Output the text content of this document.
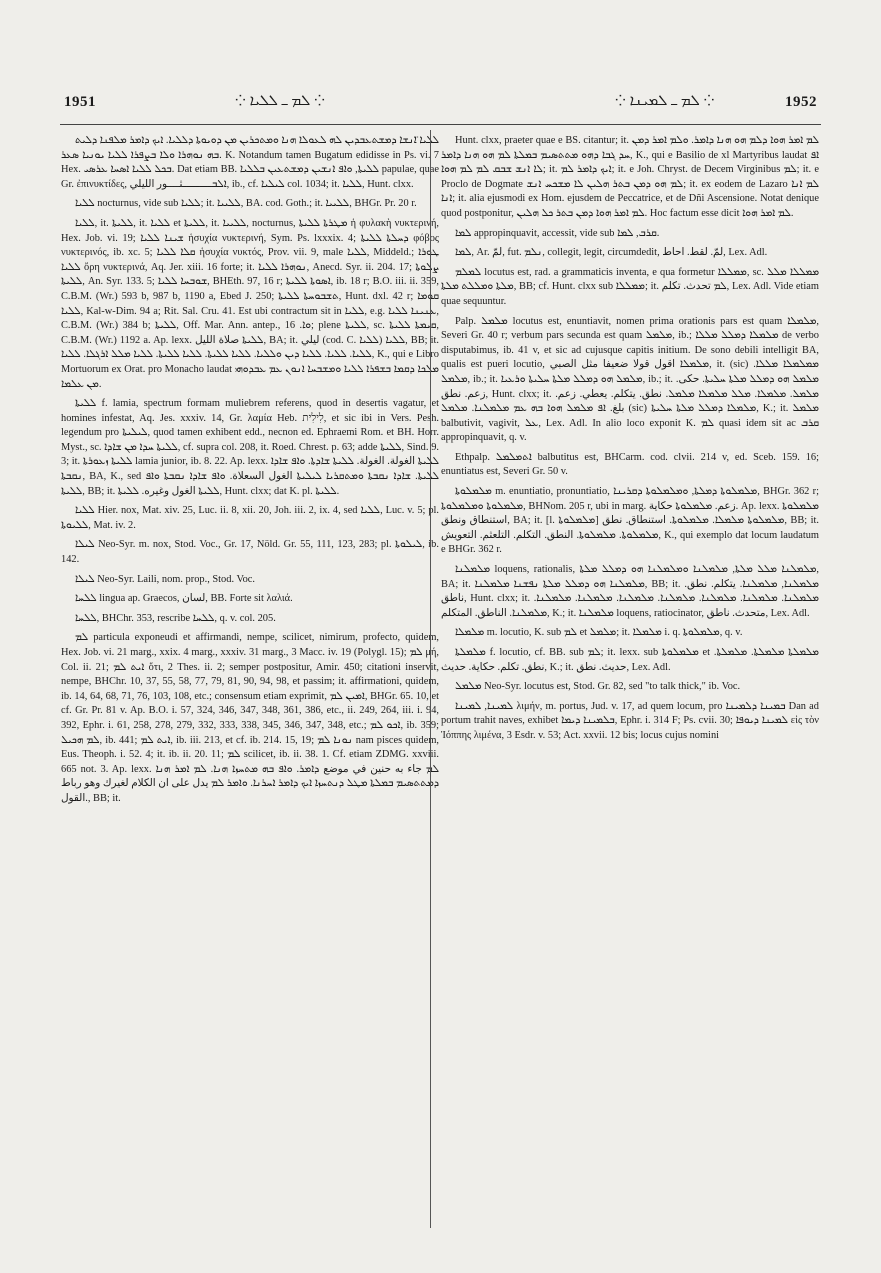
1951	⁘ ܠܡ ـ ܠܠܝܐ ⁘	⁘ ܠܡ ـ ܠܡܝܢܐ ⁘	1952

ܠܠܝܐ ̈ܐܢܫܐ ܕܡܫܬܥܒܕܝܢ ܠܗ ܠܥܘܠܐ ܗܢܐ ܘܡܬܟܪܝܢ ܡܢ ܕܘܝܘܬܐ ܕܠܠܝܐ. ܐܝܟ ܕܐܡܪ ܡܠܦܢܐ ܕܠܝܬ ܒܗ ܢܘܗܪܐ ܘܠܐ ܒܨܦܪܐ ܠܠܝܐ ܝܘܢܝܐ ܣܥܪ. K. Notandum tamen Bugatum edidisse in Ps. vi. 7 Hex. ܒܟܠ ܠܠܝܐ ܐܣܚܐ ܥܪܣܝ. Dat etiam BB. ܠܠܝܬܐ, ܘܐܦ ܐܢܫܝܢ ܕܡܫܬܥܝܢ ܒܠܠܝܐ papulae, quae Gr. ἐπινυκτίδες, ܐܠܒـــــــثــــور الليلي, ib., cf. ܠܝܠܝܐ col. 1034; it. ܠܠܝܐ, Hunt. clxx.

ܠܠܝܐ nocturnus, vide sub ܠܠܝܐ; it. ܠܠܝܝܐ, BA. cod. Goth.; it. ܠܠܝܝܐ, BHGr. Pr. 20 r.

ܠܠܝܐ, it. ܠܠܝܬܐ, it. ܠܠܝܐ et ܠܠܝܬܐ, it. ܠܠܝܝܐ, nocturnus, ܡܛܪܬܐ ܠܠܝܬܐ ἡ φυλακὴ νυκτερινή, Hex. Job. vi. 19; ܫܝܢܐ ܠܠܝܐ ἡσυχία νυκτερινή, Sym. Ps. lxxxix. 4; ܕܚܠܬܐ ܠܠܝܬܐ φόβος νυκτερινός, ib. xc. 5; ܩܠܐ ܠܠܝܐ ἡσυχία νυκτός, Prov. vii. 9, male ܠܠܝܐ, Middeld.; ܛܘܪܐ ܠܠܝܐ ὄρη νυκτερινά, Aq. Jer. xiii. 16 forte; it. ܢܘܗܪܐ ܠܠܝܐ, Anecd. Syr. ii. 204. 17; ܨܠܘܬܐ ܠܠܝܬܐ, An. Syr. 133. 5; ܫܘܒܚܐ ܠܠܝܐ, BHEth. 97, 16 r; ܐܣܘܬܐ ܠܠܝܬܐ, ib. 18 r; B.O. iii. ii. 359, C.B.M. (Wr.) 593 b, 987 b, 1190 a, Ebed J. 250; ܬܫܒܘܚܬܐ ܠܠܝܬܐ, Hunt. dxl. 42 r; ܩܘܡܐ ܠܠܝܐ, Kal-w-Dim. 94 a; Rit. Sal. Cru. 41. Est ubi contractum sit in ܠܠܝܐ, e.g. ܥܢܝܢܐ ܠܠܝܐ, C.B.M. (Wr.) 384 b; ܠܠܝܬܐ, Off. Mar. Ann. antep., ܘܐ. 16; plene ܠܠܝܬܐ, sc. ܩܝܡܬܐ ܠܠܝܬܐ, C.B.M. (Wr.) 1192 a. Ap. lexx. ܠܠܝܬܐ صلاة الليل, BA; it. ليلي (cod. C. ܠܠܝܐ) ܠܠܝܐ, BB; it. ܠܠܝܐ. ܠܠܝܐ. ܠܠܝܐ ܕܝܢ ܘܠܠܝܐ. ܠܠܝܐ ܠܠܝܬܐ. ܠܠܝܐ ܠܠܝܬܐ. ܠܠܝܐ ܡܠܠ ܐܪܓܠܐ. ܠܠܝܐ, K., qui e Libro Mortuorum ex Orat. pro Monacho laudat ܡܠܟܐ ܕܩܡܐ ܒܫܦܪܐ ܠܠܝܐ ܘܡܫܒܚܐ ܐܢܘܢ ܥܡ ܥܒܕܘܗܝ ܡܢ ܥܠܡܐ.

ܠܠܝܬܐ f. lamia, spectrum formam muliebrem referens, quod in desertis vagatur, et homines infestat, Aq. Jes. xxxiv. 14, Gr. λαμία Heb. לִילִית, et sic ibi in Vers. Pesh. legendum pro ܠܝܠܝܬܐ, quod tamen exhibent edd., necnon ed. Ephraemi Rom. et BH. Horr. Myst., sc. ܠܠܝܬܐ ܚܕܐ ܡܢ ܫܐܕܐ, cf. supra col. 208, it. Roed. Chrest. p. 63; adde ܠܠܝܬܐ, Sind. 9. 3; it. ܠܠܝܬܐ ܙܥܘܪܬܐ lamia junior, ib. 8. 22. Ap. lexx. ܠܠܝܬܐ الغولة. الغولة. ܠܠܝܬܐ ܫܐܕܬܐ. ܘܐܦ ܫܐܕܐ ܢܩܒܬܐ, BA, K., sed ܠܠܝܬܐ. ܫܐܕܐ ܢܩܒܬܐ ܘܡܬܩܪܝܐ ܠܝܠܝܬܐ الغول السعلاة. ܘܐܦ ܫܐܕܐ ܢܩܒܬܐ ܘܐܦ ܠܠܝܬܐ, BB; it. ܠܠܝܬܐ الغول وغيره. ܠܠܝܬܐ, Hunt. clxx; dat K. pl. ܠܠܝܬܐ.

ܠܠܝܐ Hier. nox, Mat. xiv. 25, Luc. ii. 8, xii. 20, Joh. iii. 2, ix. 4, sed ܠܠܝܐ, Luc. v. 5; pl. ܠܠܝܘܬܐ, Mat. iv. 2.

ܠܝܠܐ Neo-Syr. m. nox, Stod. Voc., Gr. 17, Nöld. Gr. 55, 111, 123, 283; pl. ܠܝܠܘܬܐ, ib. 142.

ܠܝܠܐ Neo-Syr. Laili, nom. prop., Stod. Voc.

ܠܠܚܐ lingua ap. Graecos, لسان, BB. Forte sit λαλιά.

ܠܠܚܐ, BHChr. 353, rescribe ܠܠܚܐ, q. v. col. 205.

ܠܡ particula exponeudi et affirmandi, nempe, scilicet, nimirum, profecto, quidem, Hex. Job. vi. 21 marg., xxix. 4 marg., xxxiv. 31 marg., 3 Macc. iv. 19 (Polygl. 15); ܠܡ μή, Col. ii. 21; ܐܝܬ ܠܡ ὅτι, 2 Thes. ii. 2; semper postpositur, Amir. 450; citationi inservit, nempe, BHChr. 10, 37, 55, 58, 77, 79, 81, 90, 94, 98, et passim; it. affirmationi, quidem, ib. 14, 64, 68, 71, 76, 103, 108, etc.; consensum etiam exprimit, ܐܡܝܢ ܠܡ, BHGr. 65. 10, et cf. Gr. Pr. 81 v. Ap. B.O. i. 57, 324, 346, 347, 348, 361, 386, etc., ii. 249, 264, iii. i. 94, 392, Ephr. i. 61, 258, 278, 279, 332, 333, 338, 345, 346, 347, 348, etc.; ܐܟܘ ܠܡ, ib. 359; ܠܡ ܗܟܝܠ, ib. 441; ܐܝܬ ܠܡ, ib. iii. 213, et cf. ib. 214. 15, 19; ܢܘܢܐ ܠܡ nam pisces quidem, Eus. Theoph. i. 52. 4; it. ib. ii. 20. 11; ܠܡ scilicet, ib. ii. 38. 1. Cf. etiam ZDMG. xxviii. 665 not. 3. Ap. lexx. ܠܡ جاء به حنين في موضع ܕܐܡܪ. ܘܐܦ ܒܗ ܡܬܚܙܐ ܗܢܐ. ܠܡ ܐܡܪ ܗܢܐ ܕܡܬܬܣܝܡ ܒܡܠܬܐ ܡܛܠ ܕܢܬܚܙܐ ܐܝܟ ܕܐܡܪ ܐܚܪܢܐ. ܘܐܡܪ ܠܡ يدل على ان الكلام لغيرك وهو رباط القول., BB; it.

Hunt. clxx, praeter quae e BS. citantur; it. ܠܡ ܐܡܪ ܗܘܐ ܕܠܡ ܗܘ ܗܢܐ ܕܐܡܪ. ܘܠܡ ܐܡܪ ܕܡܢ ܚܕ ܓܒܐ ܕܗܘ ܡܬܬܣܝܡ ܒܡܠܬܐ ܠܡ ܗܘ ܗܢܐ ܕܐܡܪ, K., qui e Basilio de xl Martyribus laudat ܐܦ ܠܐ ܐܢܫ ܫܒܩ ܠܡ ܠܡ ܗܘܐ; it. ܐܝܟ ܕܐܡܪ ܠܡ; it. e Joh. Chryst. de Decem Virginibus ܠܡ; it. e Proclo de Dogmate ܠܡ ܗܘ ܕܡܢ ܒܬܪ ܗܠܝܢ ܠܐ ܡܫܟܚ ܐܢܫ; it. ex eodem de Lazaro ܠܡ ܐܢܐ ܐܢܐ; it. alia ejusmodi ex Hom. ejusdem de Peccatrice, et de Dñi Ascensione. Notat denique quod postponitur, ܠܡ ܐܡܪ ܗܘܐ ܕܡܢ ܒܬܪ ܟܠ ܗܠܝܢ. Hoc factum esse dicit ܠܡ ܐܡܪ ܗܘܐ.

ܠܡܐ appropinquavit, accessit, vide sub ܩܪܒ, ܠܡܐ.

ܠܡܐ, Ar. لمّ, fut. ܢܠܡ, collegit, legit, circumdedit, لمّ. لقط. احاط, Lex. Adl.

ܠܡܠܡ locutus est, rad. a grammaticis inventa, e qua formetur ܡܡܠܠܐ, sc. ܡܡܠܠܐ ܡܠܠ ܡܠܬܐ ܘܡܠܠܬ ܡܠܬܐ, BB; cf. Hunt. clxx sub ܡܡܠܠܐ; it. ܠܡ تحدث. تكلم, Lex. Adl. Vide etiam quae sequuntur.

Palp. ܡܠܡܠ locutus est, enuntiavit, nomen prima orationis pars est quam ܡܠܡܠܐ, Severi Gr. 40 r; verbum pars secunda est quam ܡܠܡܠ, ib.; ܡܠܡܠܐ ܕܡܠܠ ܡܠܠܐ de verbo disputabimus, ib. 41 v, et sic ad cujusque capitis initium. De sono debili intelligit BA, qualis est pueri locutio, ܡܠܡܠܐ اقول قولا ضعيفا مثل الصبي, it. (sic) ܡܡܠܡܠܐ ܡܠܠܐ. ܡܠܡܠ, ib.; it. ܡܠܡܠ ܗܘ ܕܡܠܠ ܡܠܬܐ ܚܠܝܬܐ ܘܪܥܝܐ, ib.; it. ܡܠܡܠ ܗܘ ܕܡܠܠ ܡܠܬܐ ܚܠܝܬܐ. حكى. زعم. نطق, Hunt. clxx; it. ܡܠܡܠ. ܡܠܡܠܐ. ܡܠܠ ܡܠܡܠܐ ܡܠܡܠ. نطق. يتكلم. يعطي. زعم. بلغ. ܐܦ ܡܠܡܠ ܗܘܐ ܒܗ ܥܡ ܡܠܡܠܢܐ. ܡܠܡܠ (sic) ܡܠܡܠܐ ܕܡܠܠ ܡܠܬܐ ܚܠܝܬܐ, K.; it. ܡܠܡܠ balbutivit, vagivit, ܥܠ, Lex. Adl. In alio loco exponit K. ܠܡ quasi idem sit ac ܩܪܒ appropinquavit, q. v.

Ethpalp. ܐܬܡܠܡܠ balbutitus est, BHCarm. cod. clvii. 214 v, ed. Sceb. 159. 16; enuntiatus est, Severi Gr. 50 v.

ܡܠܡܠܘܬܐ m. enuntiatio, pronuntiatio, ܡܠܡܠܘܬܐ ܕܡܠܬܐ, ܘܡܠܡܠܘܬܐ ܕܩܪܝܢܐ, BHGr. 362 r; ܡܠܡܠܘܬܐ ܘܡܠܡܠܘܬܐ, BHNom. 205 r, ubi in marg. زعم. ܡܠܡܠܘܬܐ حكاية. Ap. lexx. ܡܠܡܠܘܬܐ استنطاق ونطق, BA; it. [l. ܡܠܡܠܘܬܐ] ܡܠܡܠܘܬܐ ܡܠܡܠܐ. ܡܠܡܠܘܬܐ. استنطاق. نطق, BB; it. ܡܠܡܠܘܬܐ. ܡܠܡܠܘܬܐ. النطق. التكلم. التلعثم. التعويش, K., qui exemplo dat locum laudatum e BHGr. 362 r.

ܡܠܡܠܢܐ loquens, rationalis, ܡܠܡܠܢܐ ܡܠܠ ܡܠܬܐ, ܡܠܡܠܢܐ ܘܡܠܡܠܢܐ ܗܘ ܕܡܠܠ ܡܠܬܐ, BA; it. ܡܠܡܠܢܐ ܗܘ ܕܡܠܠ ܡܠܬܐ ܢܦܫܢܐ ܡܠܡܠܢܐ, BB; it. ܡܠܡܠܢܐ, ܡܠܡܠܢܐ. يتكلم. نطق. ناطق, Hunt. clxx; it. ܡܠܡܠܢܐ. ܡܠܡܠܢܐ. ܡܠܡܠܢܐ. ܡܠܡܠܢܐ. ܡܠܡܠܢܐ. ܡܠܡܠܢܐ. ܡܠܡܠܢܐ. ܡܠܡܠܢܐ. الناطق. المتكلم, K.; it. ܡܠܡܠܢܐ loquens, ratiocinator, متحدث. ناطق, Lex. Adl.

ܡܠܡܠܐ m. locutio, K. sub ܠܡ et ܡܠܡܠ; it. ܡܠܡܠܐ i. q. ܡܠܡܠܘܬܐ, q. v.

ܡܠܡܠܬܐ f. locutio, cf. BB. sub ܠܡ; it. lexx. sub ܡܠܡܠܘܬܐ et ܡܠܡܠܬܐ ܡܠܡܠܬܐ. ܡܠܡܠܬܐ. نطق. تكلم. حكاية. حديث, K.; it. حديث. نطق, Lex. Adl.

ܡܠܡܠ Neo-Syr. locutus est, Stod. Gr. 82, sed "to talk thick," ib. Voc.

ܠܡܝܢܐ, ܠܡܝܢܐ λιμήν, m. portus, Jud. v. 17, ad quem locum, pro ܒܡܝܢܐ ܕܠܡܝܢܐ Dan ad portum trahit naves, exhibet ܒܠܡܝܢܐ ܕܝܡܐ, Ephr. i. 314 F; Ps. cvii. 30; ܠܡܝܢܐ ܕܝܘܦܐ εἰς τὸν Ἰόππης λιμένα, 3 Esdr. v. 53; Act. xxvii. 12 bis; locus cujus nomini
